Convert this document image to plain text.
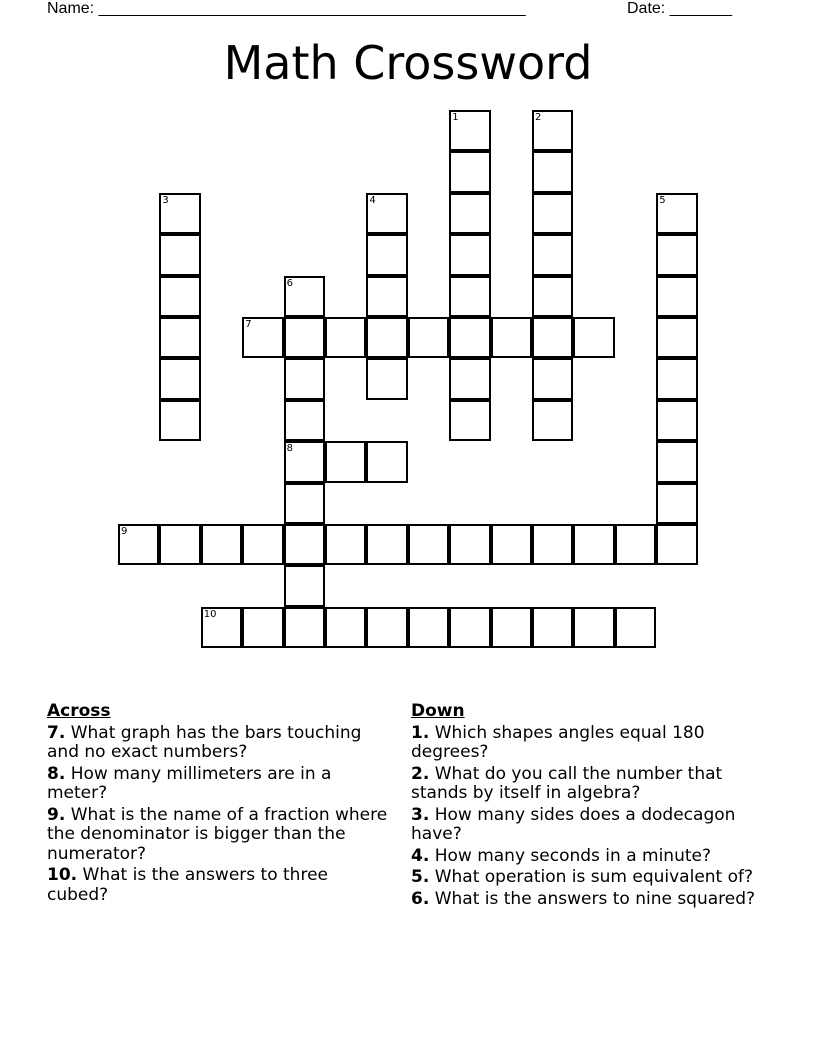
Name: ________________________________________________	Date: _______
Math Crossword
1	2
3	4	5
6
8
7
9
10
Across
7. What graph has the bars touching and no exact numbers?
8. How many millimeters are in a meter?
9. What is the name of a fraction where the denominator is bigger than the numerator?
10. What is the answers to three cubed?
Down
1. Which shapes angles equal 180 degrees?
2. What do you call the number that stands by itself in algebra?
3. How many sides does a dodecagon have?
4. How many seconds in a minute?
5. What operation is sum equivalent of?
6. What is the answers to nine squared?
